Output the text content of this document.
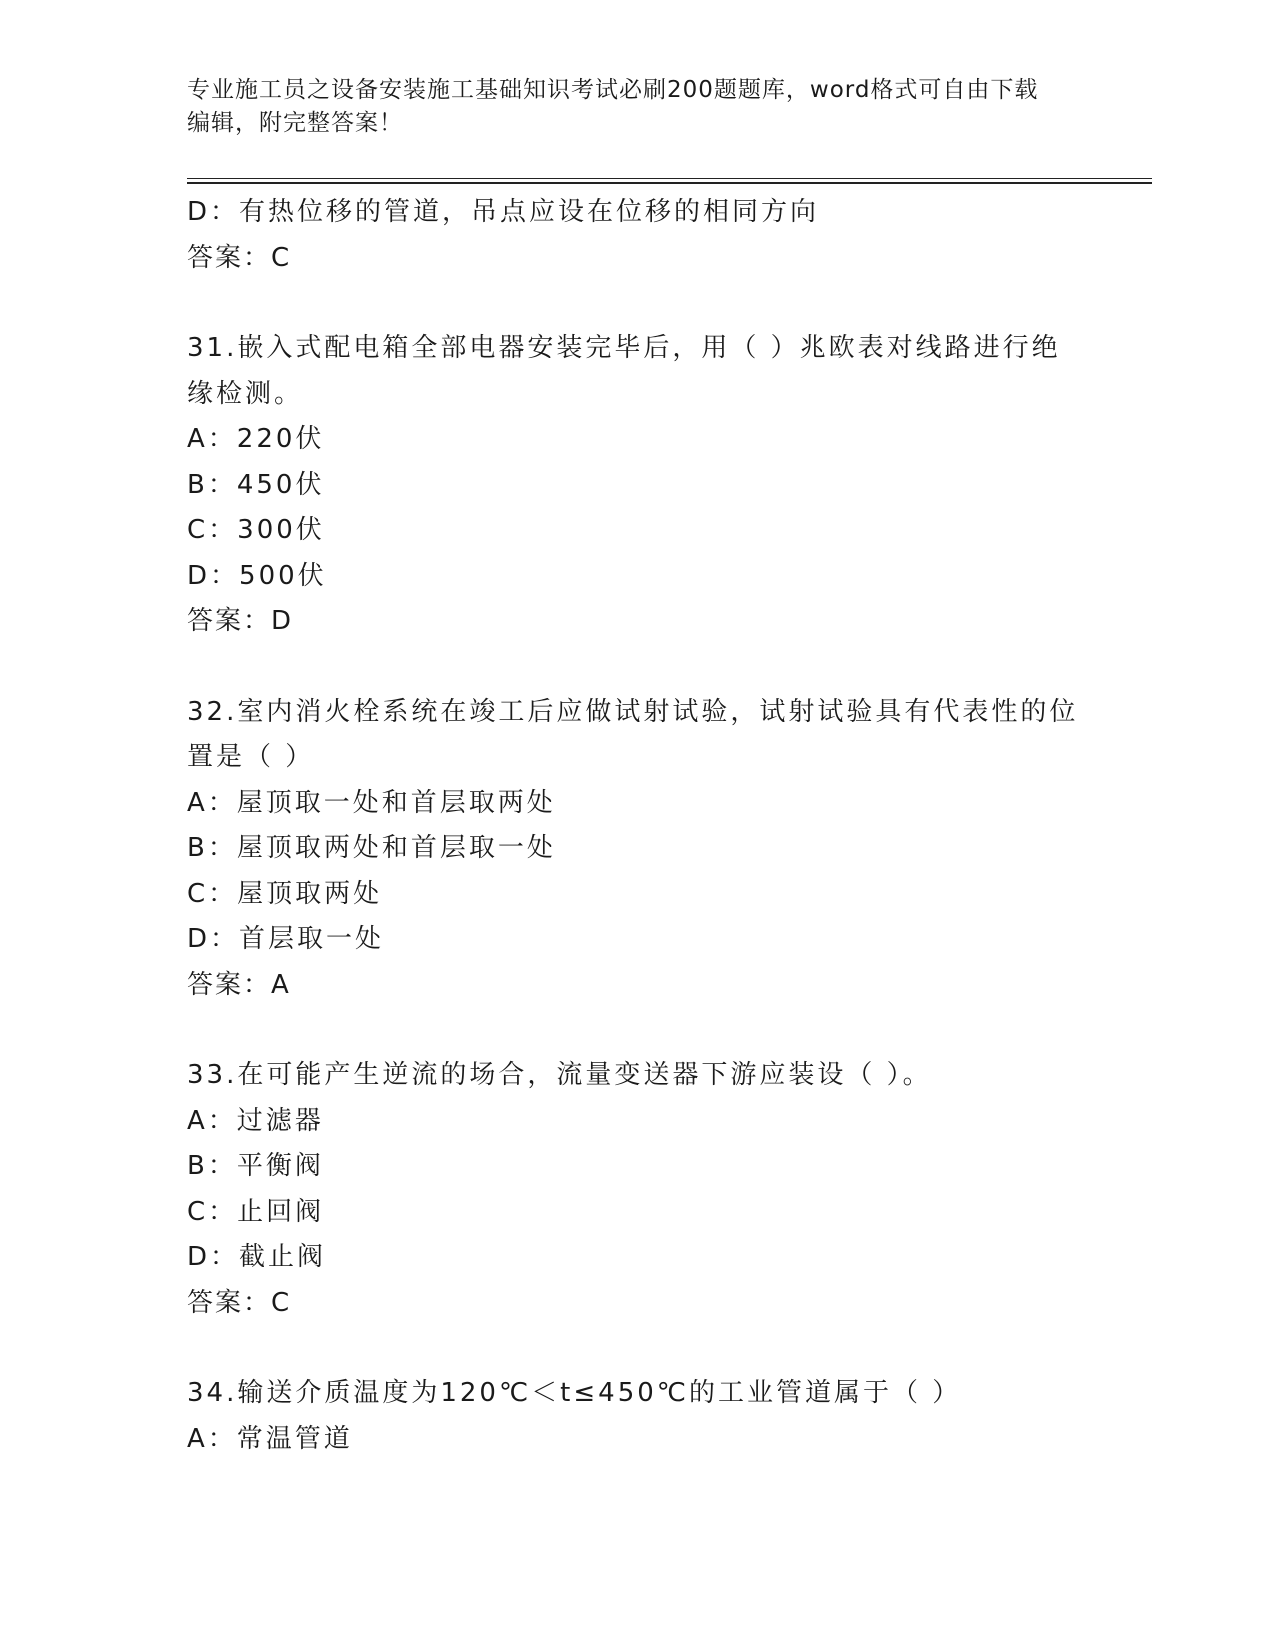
专业施工员之设备安装施工基础知识考试必刷200题题库，word格式可自由下载
编辑，附完整答案！
D：有热位移的管道，吊点应设在位移的相同方向
答案：C
31.嵌入式配电箱全部电器安装完毕后，用（ ）兆欧表对线路进行绝
缘检测。
A：220伏
B：450伏
C：300伏
D：500伏
答案：D
32.室内消火栓系统在竣工后应做试射试验，试射试验具有代表性的位
置是（ ）
A：屋顶取一处和首层取两处
B：屋顶取两处和首层取一处
C：屋顶取两处
D：首层取一处
答案：A
33.在可能产生逆流的场合，流量变送器下游应装设（ ）。
A：过滤器
B：平衡阀
C：止回阀
D：截止阀
答案：C
34.输送介质温度为120℃＜t≤450℃的工业管道属于（ ）
A：常温管道
